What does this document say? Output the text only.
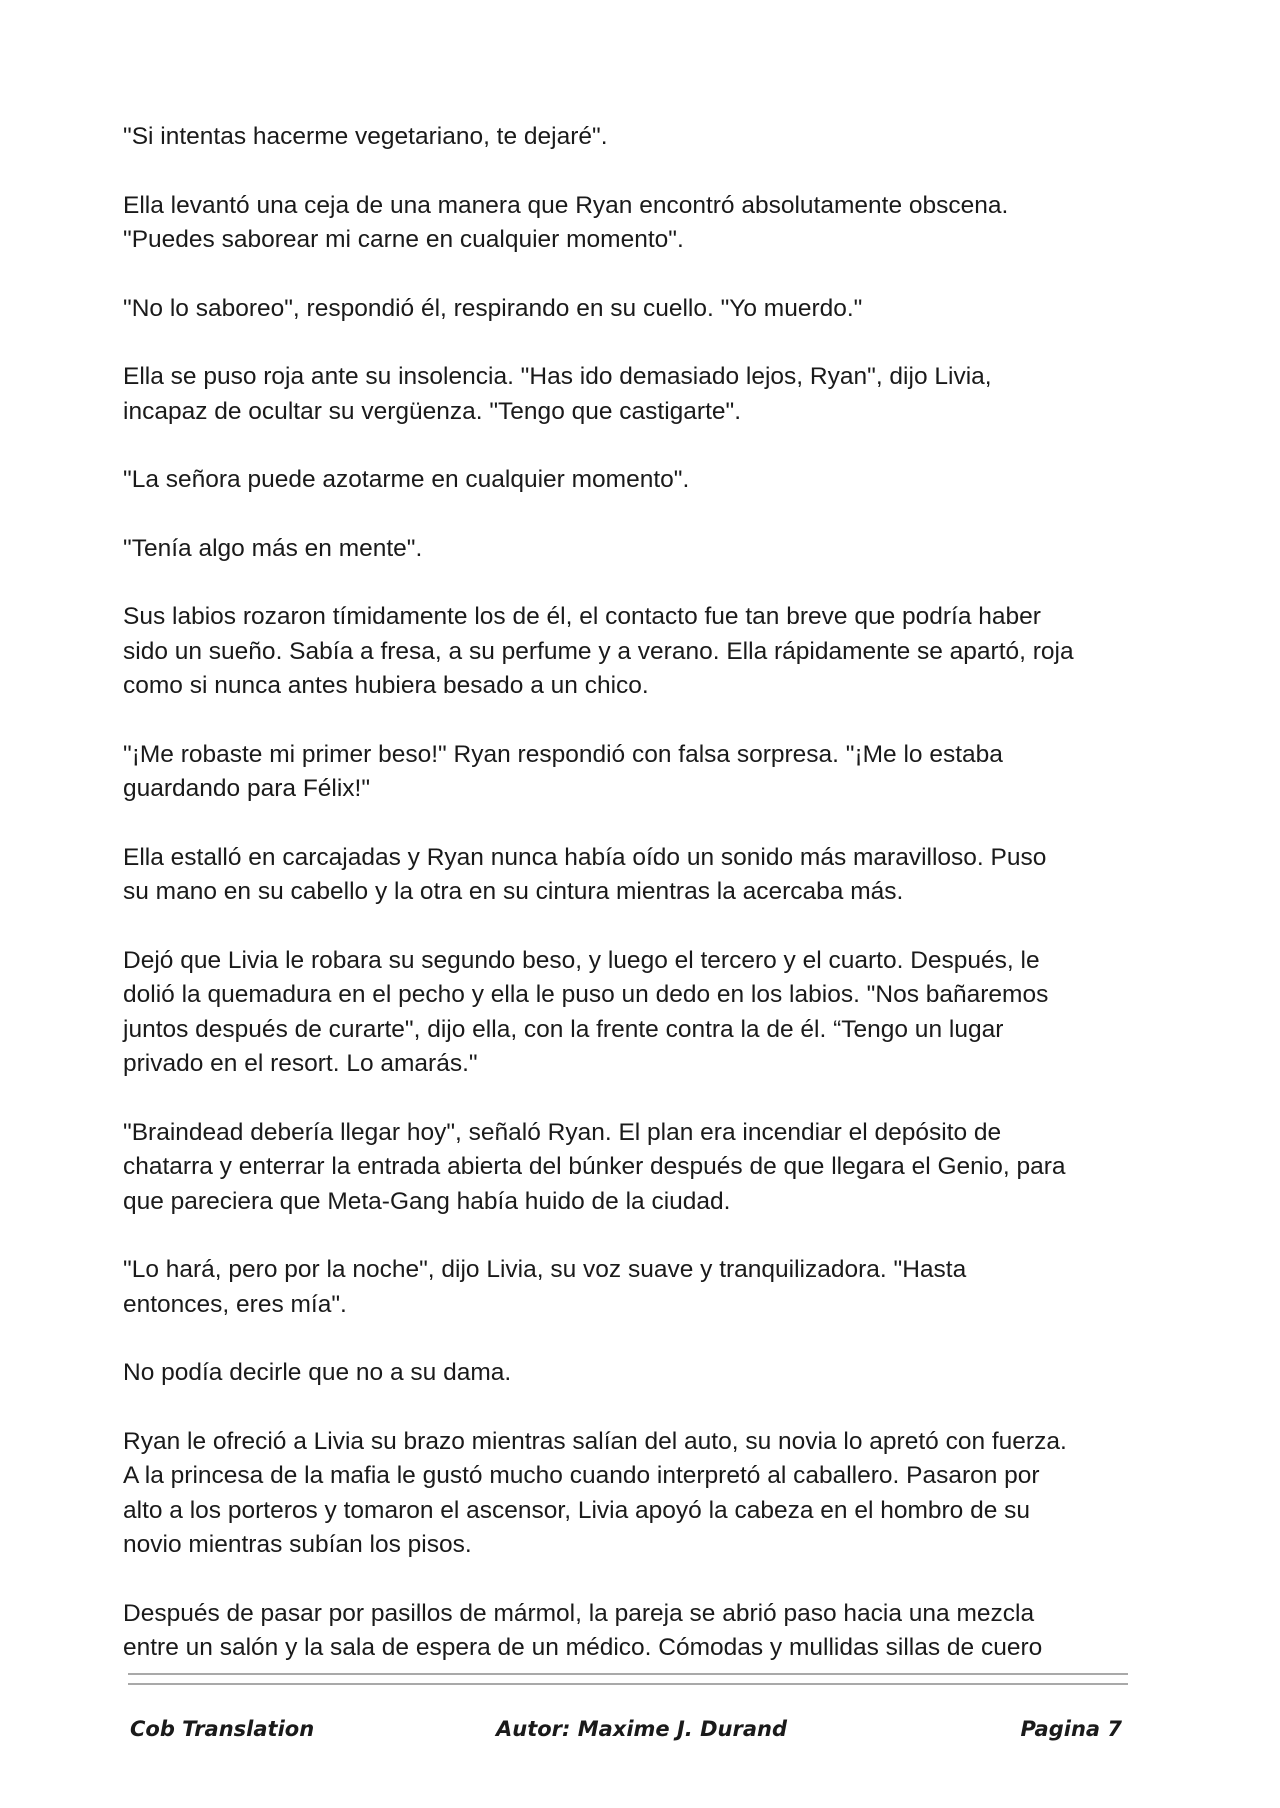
"Si intentas hacerme vegetariano, te dejaré".

Ella levantó una ceja de una manera que Ryan encontró absolutamente obscena.
"Puedes saborear mi carne en cualquier momento".

"No lo saboreo", respondió él, respirando en su cuello. "Yo muerdo."

Ella se puso roja ante su insolencia. "Has ido demasiado lejos, Ryan", dijo Livia,
incapaz de ocultar su vergüenza. "Tengo que castigarte".

"La señora puede azotarme en cualquier momento".

"Tenía algo más en mente".

Sus labios rozaron tímidamente los de él, el contacto fue tan breve que podría haber
sido un sueño. Sabía a fresa, a su perfume y a verano. Ella rápidamente se apartó, roja
como si nunca antes hubiera besado a un chico.

"¡Me robaste mi primer beso!" Ryan respondió con falsa sorpresa. "¡Me lo estaba
guardando para Félix!"

Ella estalló en carcajadas y Ryan nunca había oído un sonido más maravilloso. Puso
su mano en su cabello y la otra en su cintura mientras la acercaba más.

Dejó que Livia le robara su segundo beso, y luego el tercero y el cuarto. Después, le
dolió la quemadura en el pecho y ella le puso un dedo en los labios. "Nos bañaremos
juntos después de curarte", dijo ella, con la frente contra la de él. “Tengo un lugar
privado en el resort. Lo amarás."

"Braindead debería llegar hoy", señaló Ryan. El plan era incendiar el depósito de
chatarra y enterrar la entrada abierta del búnker después de que llegara el Genio, para
que pareciera que Meta-Gang había huido de la ciudad.

"Lo hará, pero por la noche", dijo Livia, su voz suave y tranquilizadora. "Hasta
entonces, eres mía".

No podía decirle que no a su dama.

Ryan le ofreció a Livia su brazo mientras salían del auto, su novia lo apretó con fuerza.
A la princesa de la mafia le gustó mucho cuando interpretó al caballero. Pasaron por
alto a los porteros y tomaron el ascensor, Livia apoyó la cabeza en el hombro de su
novio mientras subían los pisos.

Después de pasar por pasillos de mármol, la pareja se abrió paso hacia una mezcla
entre un salón y la sala de espera de un médico. Cómodas y mullidas sillas de cuero

Cob Translation	Autor: Maxime J. Durand	Pagina 7
